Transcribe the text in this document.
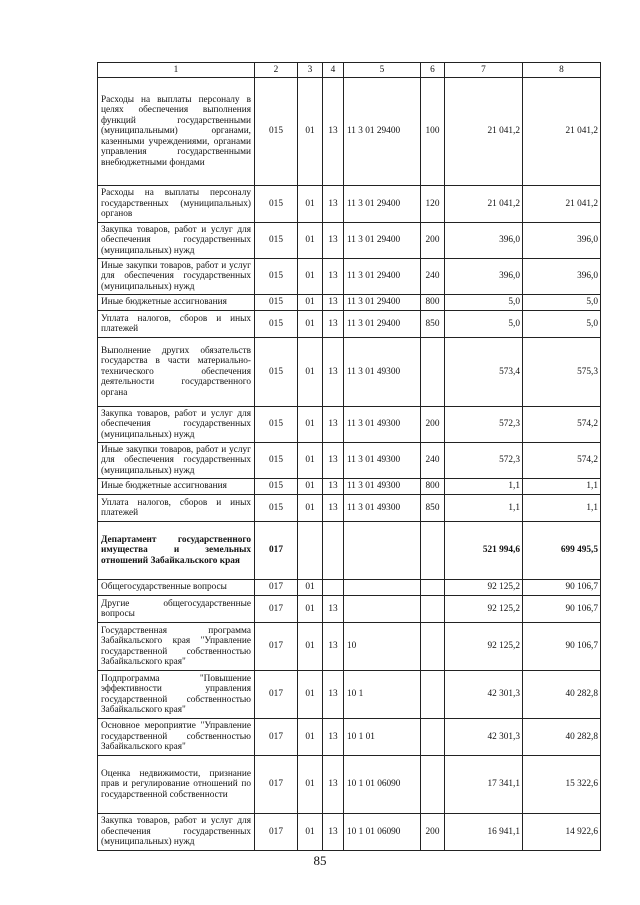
1	2	3	4	5	6	7	8
Расходы на выплаты персоналу в целях обеспечения выполнения функций государственными (муниципальными) органами, казенными учреждениями, органами управления государственными внебюджетными фондами	015	01	13	11 3 01 29400	100	21 041,2	21 041,2
Расходы на выплаты персоналу государственных (муниципальных) органов	015	01	13	11 3 01 29400	120	21 041,2	21 041,2
Закупка товаров, работ и услуг для обеспечения государственных (муниципальных) нужд	015	01	13	11 3 01 29400	200	396,0	396,0
Иные закупки товаров, работ и услуг для обеспечения государственных (муниципальных) нужд	015	01	13	11 3 01 29400	240	396,0	396,0
Иные бюджетные ассигнования	015	01	13	11 3 01 29400	800	5,0	5,0
Уплата налогов, сборов и иных платежей	015	01	13	11 3 01 29400	850	5,0	5,0
Выполнение других обязательств государства в части материально-технического обеспечения деятельности государственного органа	015	01	13	11 3 01 49300		573,4	575,3
Закупка товаров, работ и услуг для обеспечения государственных (муниципальных) нужд	015	01	13	11 3 01 49300	200	572,3	574,2
Иные закупки товаров, работ и услуг для обеспечения государственных (муниципальных) нужд	015	01	13	11 3 01 49300	240	572,3	574,2
Иные бюджетные ассигнования	015	01	13	11 3 01 49300	800	1,1	1,1
Уплата налогов, сборов и иных платежей	015	01	13	11 3 01 49300	850	1,1	1,1
Департамент государственного имущества и земельных отношений Забайкальского края	017					521 994,6	699 495,5
Общегосударственные вопросы	017	01				92 125,2	90 106,7
Другие общегосударственные вопросы	017	01	13			92 125,2	90 106,7
Государственная программа Забайкальского края "Управление государственной собственностью Забайкальского края"	017	01	13	10		92 125,2	90 106,7
Подпрограмма "Повышение эффективности управления государственной собственностью Забайкальского края"	017	01	13	10 1		42 301,3	40 282,8
Основное мероприятие "Управление государственной собственностью Забайкальского края"	017	01	13	10 1 01		42 301,3	40 282,8
Оценка недвижимости, признание прав и регулирование отношений по государственной собственности	017	01	13	10 1 01 06090		17 341,1	15 322,6
Закупка товаров, работ и услуг для обеспечения государственных (муниципальных) нужд	017	01	13	10 1 01 06090	200	16 941,1	14 922,6
85
